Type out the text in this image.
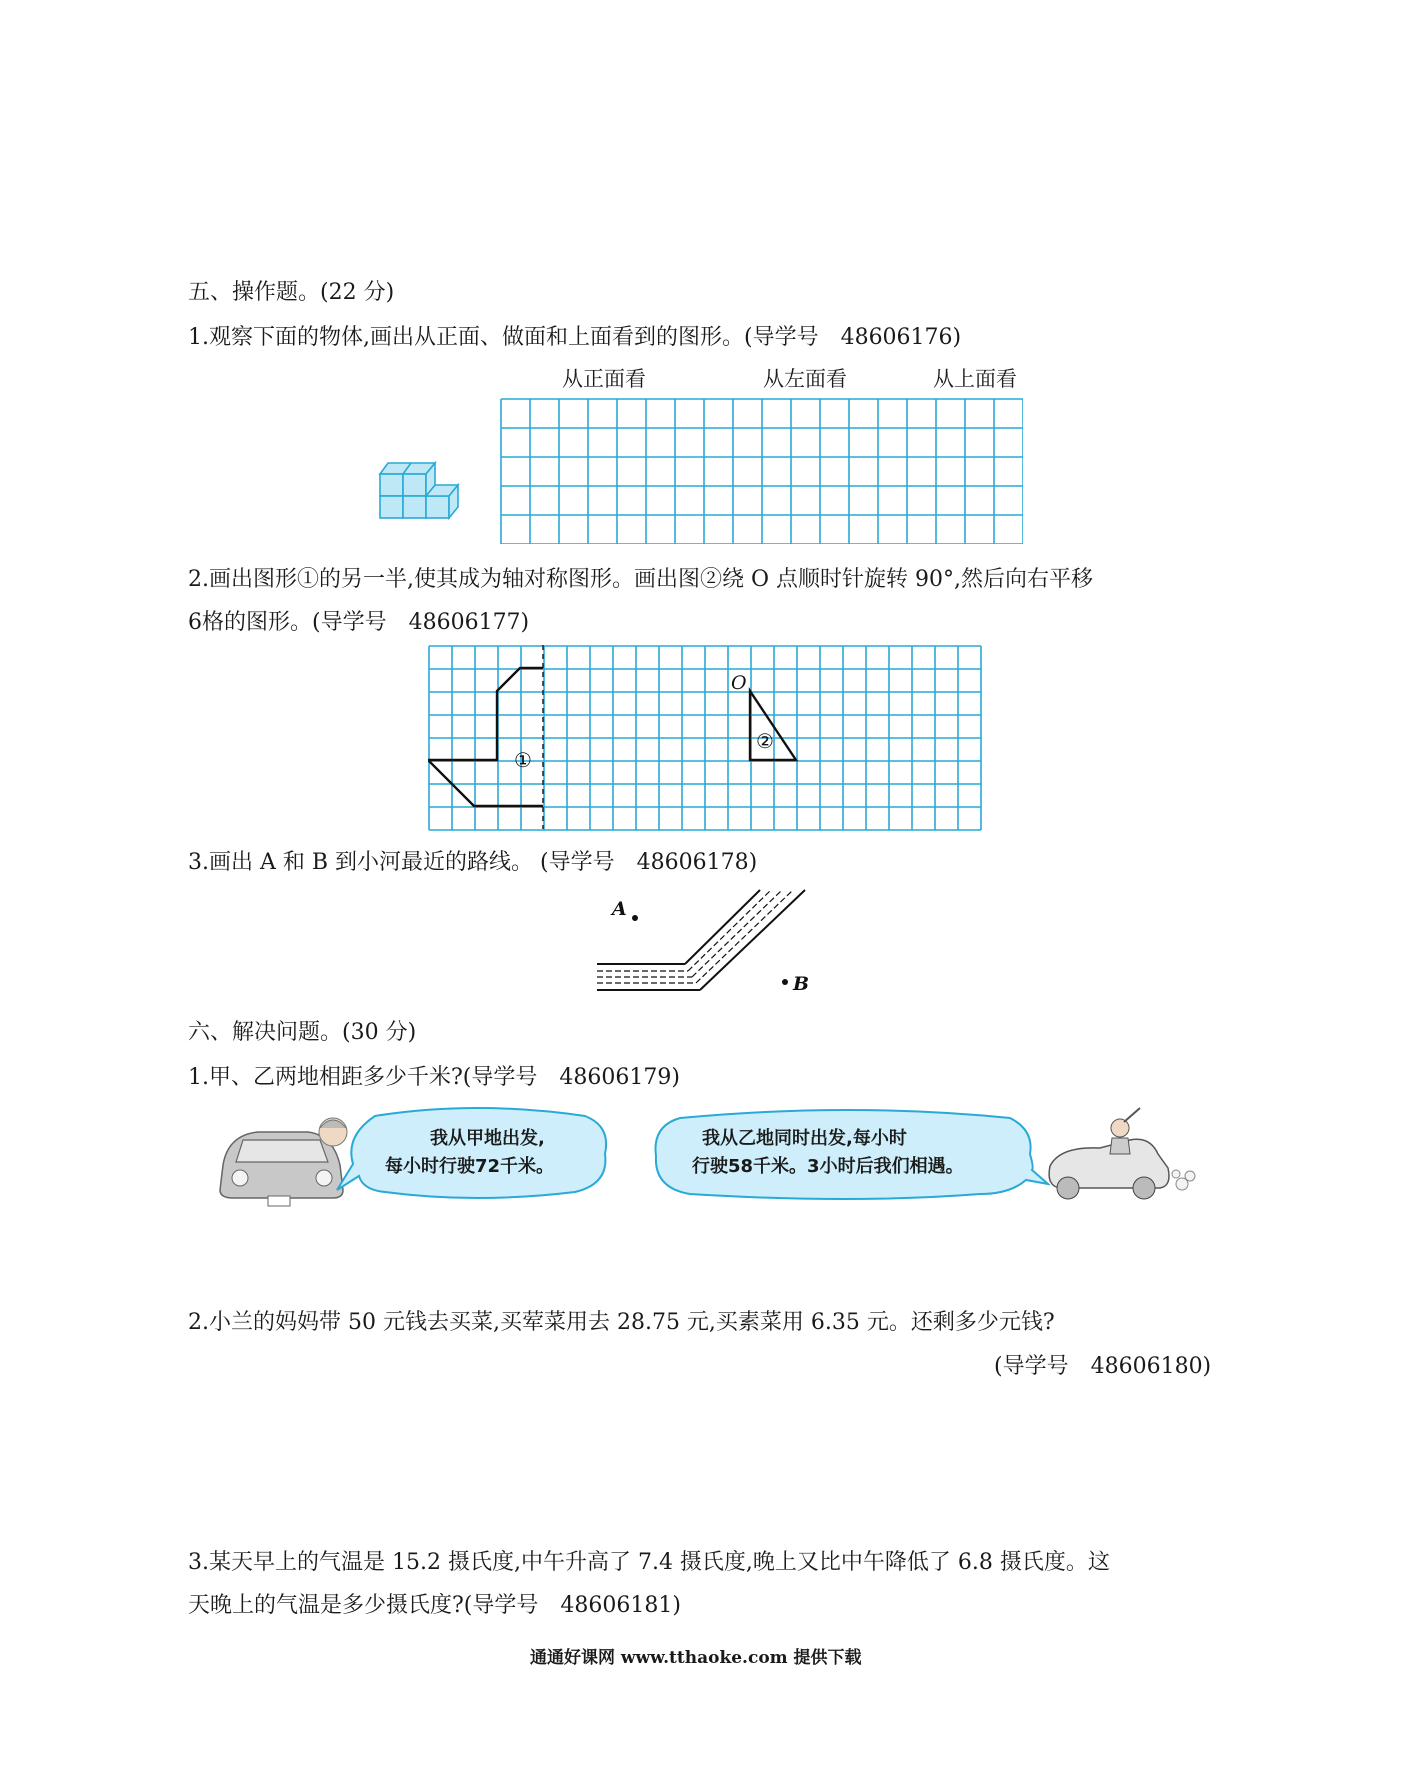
五、操作题。(22 分)
1.观察下面的物体,画出从正面、做面和上面看到的图形。(导学号　48606176)
从正面看	从左面看	从上面看
2.画出图形①的另一半,使其成为轴对称图形。画出图②绕 O 点顺时针旋转 90°,然后向右平移
6格的图形。(导学号　48606177)
①
②
O
3.画出 A 和 B 到小河最近的路线。 (导学号　48606178)
A
B
六、解决问题。(30 分)
1.甲、乙两地相距多少千米?(导学号　48606179)
我从甲地出发,
每小时行驶72千米。
我从乙地同时出发,每小时
行驶58千米。3小时后我们相遇。
2.小兰的妈妈带 50 元钱去买菜,买荤菜用去 28.75 元,买素菜用 6.35 元。还剩多少元钱?
(导学号　48606180)
3.某天早上的气温是 15.2 摄氏度,中午升高了 7.4 摄氏度,晚上又比中午降低了 6.8 摄氏度。这
天晚上的气温是多少摄氏度?(导学号　48606181)
通通好课网 www.tthaoke.com 提供下载
